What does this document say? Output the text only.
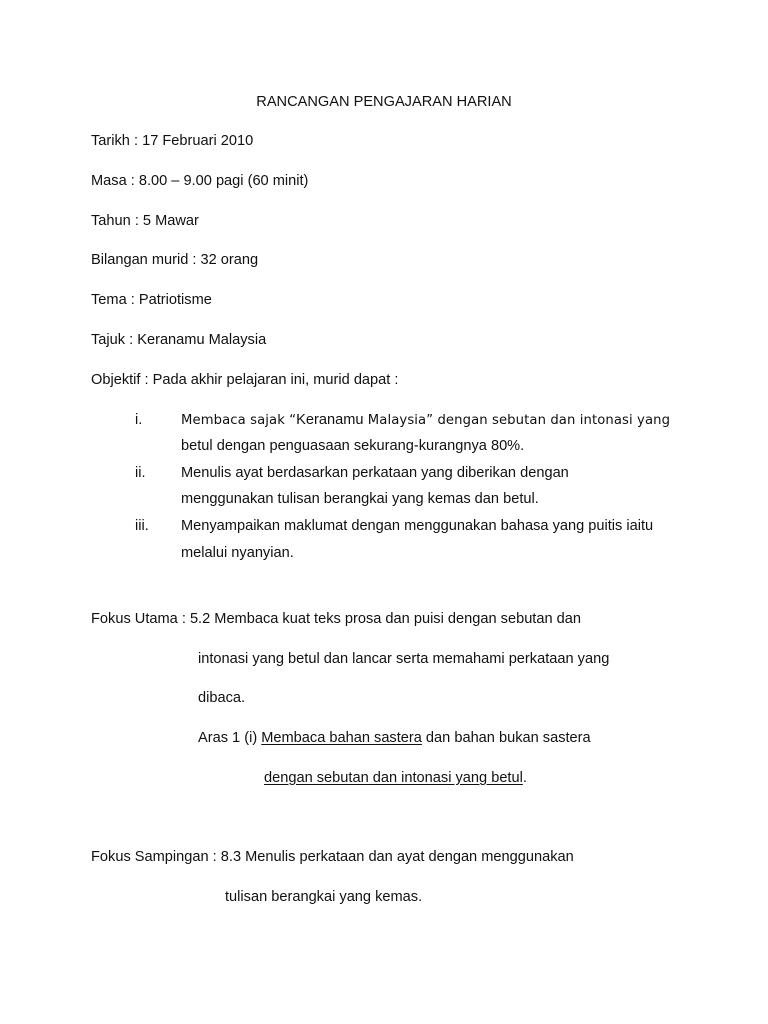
RANCANGAN PENGAJARAN HARIAN
Tarikh : 17 Februari 2010
Masa : 8.00 – 9.00 pagi (60 minit)
Tahun : 5 Mawar
Bilangan murid : 32 orang
Tema : Patriotisme
Tajuk : Keranamu Malaysia
Objektif : Pada akhir pelajaran ini, murid dapat :
i.	Membaca sajak “Keranamu Malaysia” dengan sebutan dan intonasi yang
betul dengan penguasaan sekurang-kurangnya 80%.
ii. Menulis ayat berdasarkan perkataan yang diberikan dengan
menggunakan tulisan berangkai yang kemas dan betul.
iii. Menyampaikan maklumat dengan menggunakan bahasa yang puitis iaitu
melalui nyanyian.
Fokus Utama : 5.2 Membaca kuat teks prosa dan puisi dengan sebutan dan
intonasi yang betul dan lancar serta memahami perkataan yang
dibaca.
Aras 1 (i) Membaca bahan sastera dan bahan bukan sastera
dengan sebutan dan intonasi yang betul.
Fokus Sampingan : 8.3 Menulis perkataan dan ayat dengan menggunakan
tulisan berangkai yang kemas.
